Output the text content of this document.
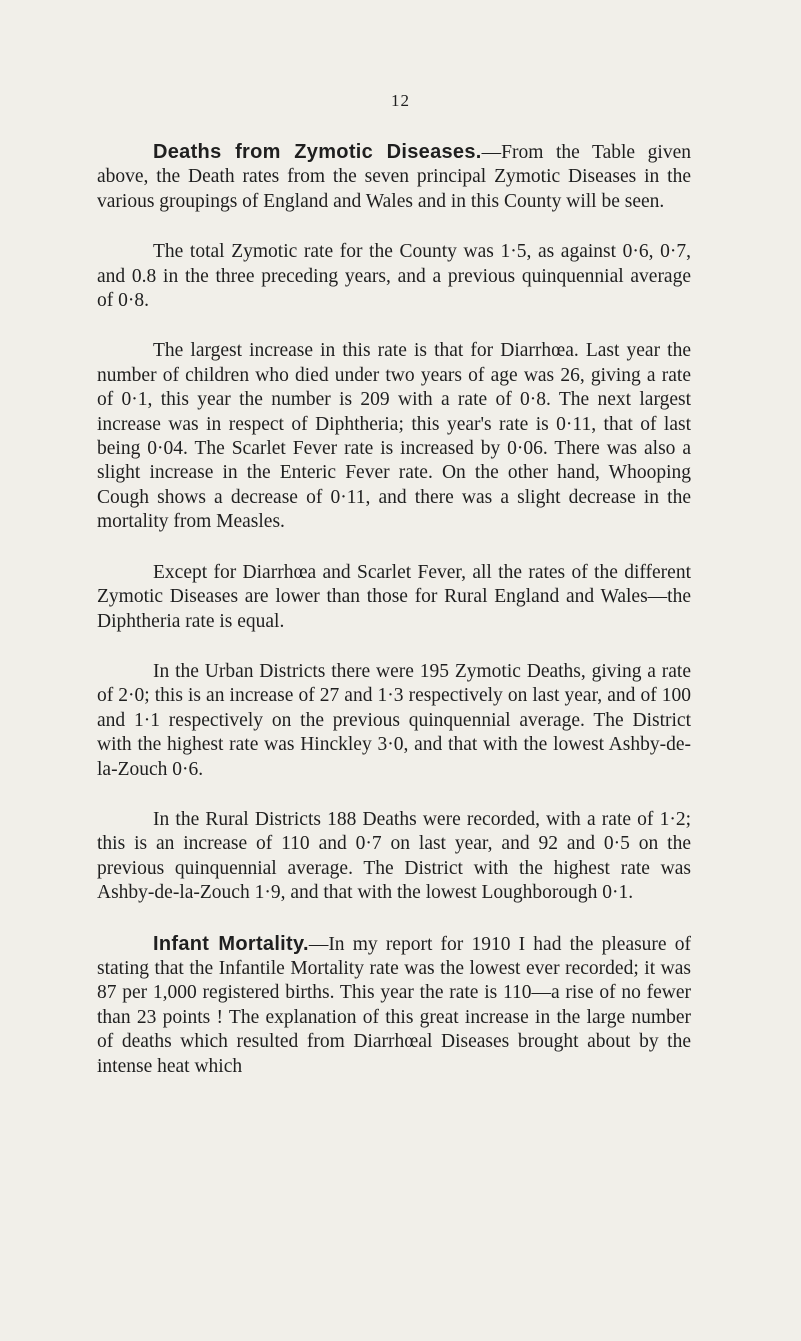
12

Deaths from Zymotic Diseases.—From the Table given above, the Death rates from the seven principal Zymotic Diseases in the various groupings of England and Wales and in this County will be seen.

The total Zymotic rate for the County was 1·5, as against 0·6, 0·7, and 0.8 in the three preceding years, and a previous quinquennial average of 0·8.

The largest increase in this rate is that for Diarrhœa. Last year the number of children who died under two years of age was 26, giving a rate of 0·1, this year the number is 209 with a rate of 0·8. The next largest increase was in respect of Diphtheria; this year's rate is 0·11, that of last being 0·04. The Scarlet Fever rate is increased by 0·06. There was also a slight increase in the Enteric Fever rate. On the other hand, Whooping Cough shows a decrease of 0·11, and there was a slight decrease in the mortality from Measles.

Except for Diarrhœa and Scarlet Fever, all the rates of the different Zymotic Diseases are lower than those for Rural England and Wales—the Diphtheria rate is equal.

In the Urban Districts there were 195 Zymotic Deaths, giving a rate of 2·0; this is an increase of 27 and 1·3 respectively on last year, and of 100 and 1·1 respectively on the previous quinquennial average. The District with the highest rate was Hinckley 3·0, and that with the lowest Ashby-de-la-Zouch 0·6.

In the Rural Districts 188 Deaths were recorded, with a rate of 1·2; this is an increase of 110 and 0·7 on last year, and 92 and 0·5 on the previous quinquennial average. The District with the highest rate was Ashby-de-la-Zouch 1·9, and that with the lowest Loughborough 0·1.

Infant Mortality.—In my report for 1910 I had the pleasure of stating that the Infantile Mortality rate was the lowest ever recorded; it was 87 per 1,000 registered births. This year the rate is 110—a rise of no fewer than 23 points ! The explanation of this great increase in the large number of deaths which resulted from Diarrhœal Diseases brought about by the intense heat which
